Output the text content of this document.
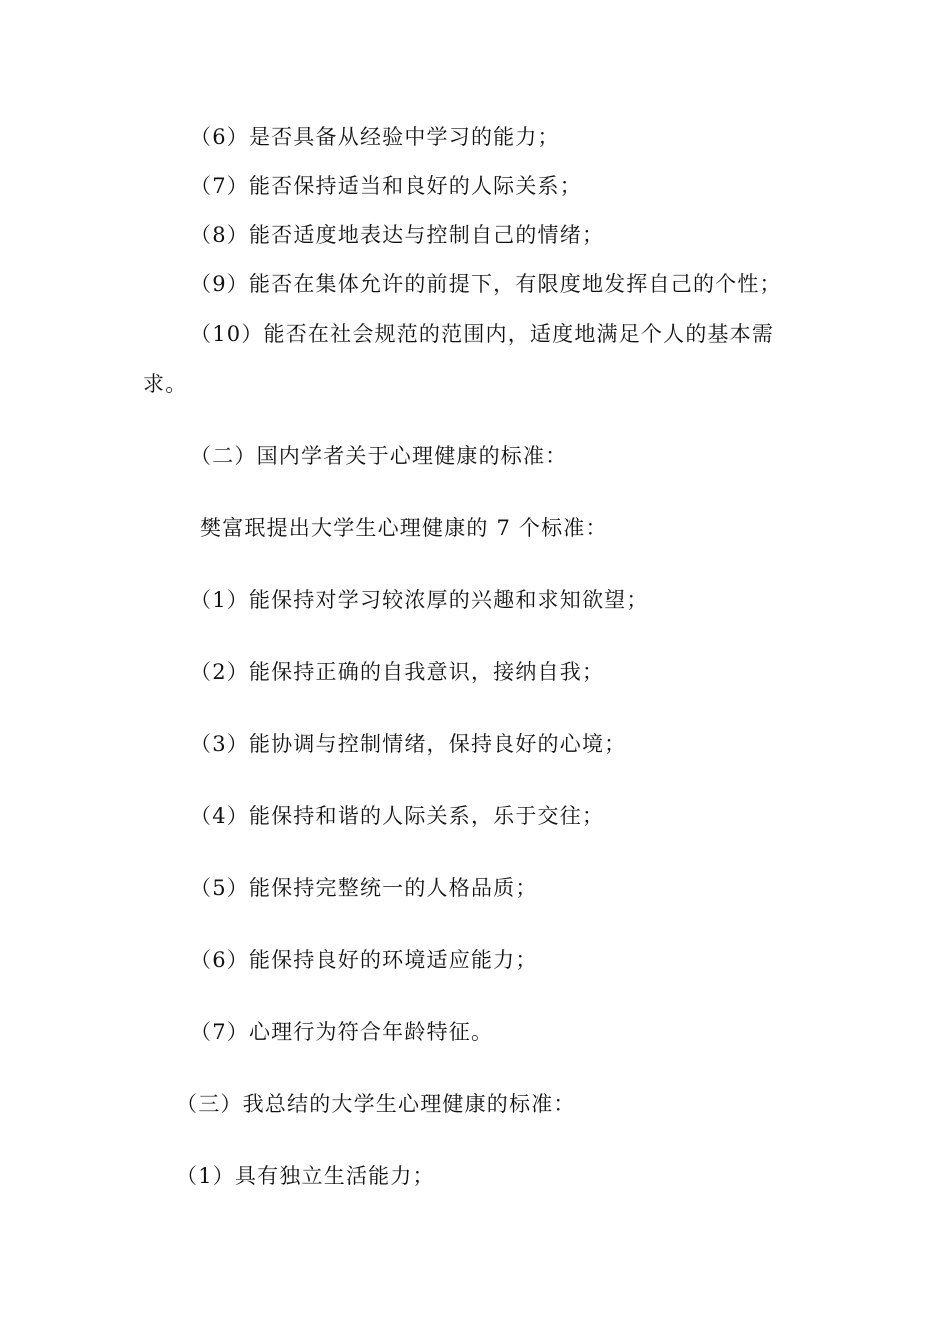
（6）是否具备从经验中学习的能力；
（7）能否保持适当和良好的人际关系；
（8）能否适度地表达与控制自己的情绪；
（9）能否在集体允许的前提下，有限度地发挥自己的个性；
（10）能否在社会规范的范围内，适度地满足个人的基本需
求。
（二）国内学者关于心理健康的标准：
樊富珉提出大学生心理健康的 7 个标准：
（1）能保持对学习较浓厚的兴趣和求知欲望；
（2）能保持正确的自我意识，接纳自我；
（3）能协调与控制情绪，保持良好的心境；
（4）能保持和谐的人际关系，乐于交往；
（5）能保持完整统一的人格品质；
（6）能保持良好的环境适应能力；
（7）心理行为符合年龄特征。
（三）我总结的大学生心理健康的标准：
（1）具有独立生活能力；
